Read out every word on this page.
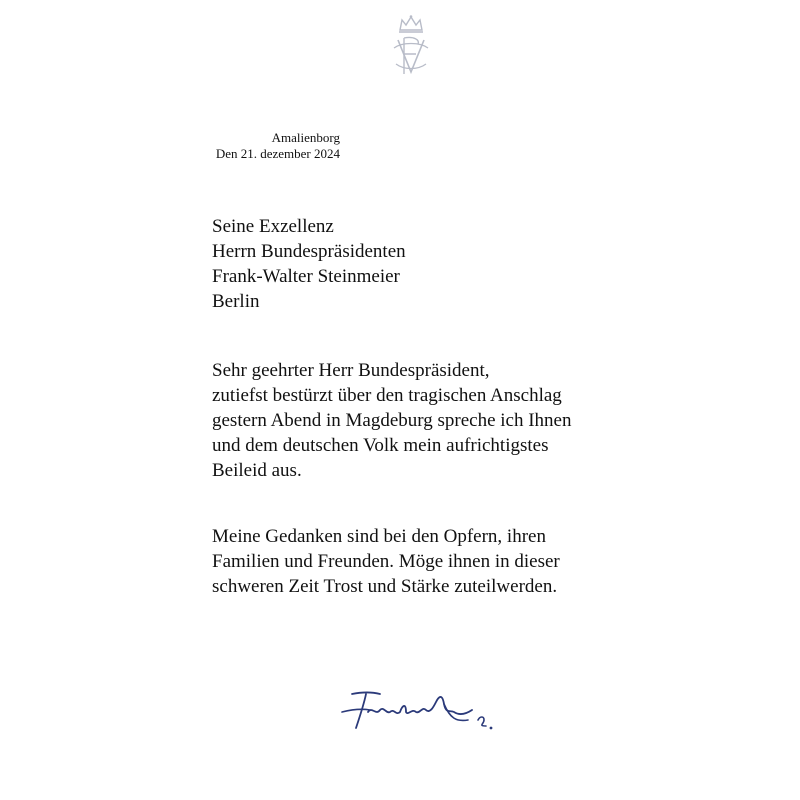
Amalienborg
Den 21. dezember 2024
Seine Exzellenz
Herrn Bundespräsidenten
Frank-Walter Steinmeier
Berlin
Sehr geehrter Herr Bundespräsident,
zutiefst bestürzt über den tragischen Anschlag
gestern Abend in Magdeburg spreche ich Ihnen
und dem deutschen Volk mein aufrichtigstes
Beileid aus.
Meine Gedanken sind bei den Opfern, ihren
Familien und Freunden. Möge ihnen in dieser
schweren Zeit Trost und Stärke zuteilwerden.
